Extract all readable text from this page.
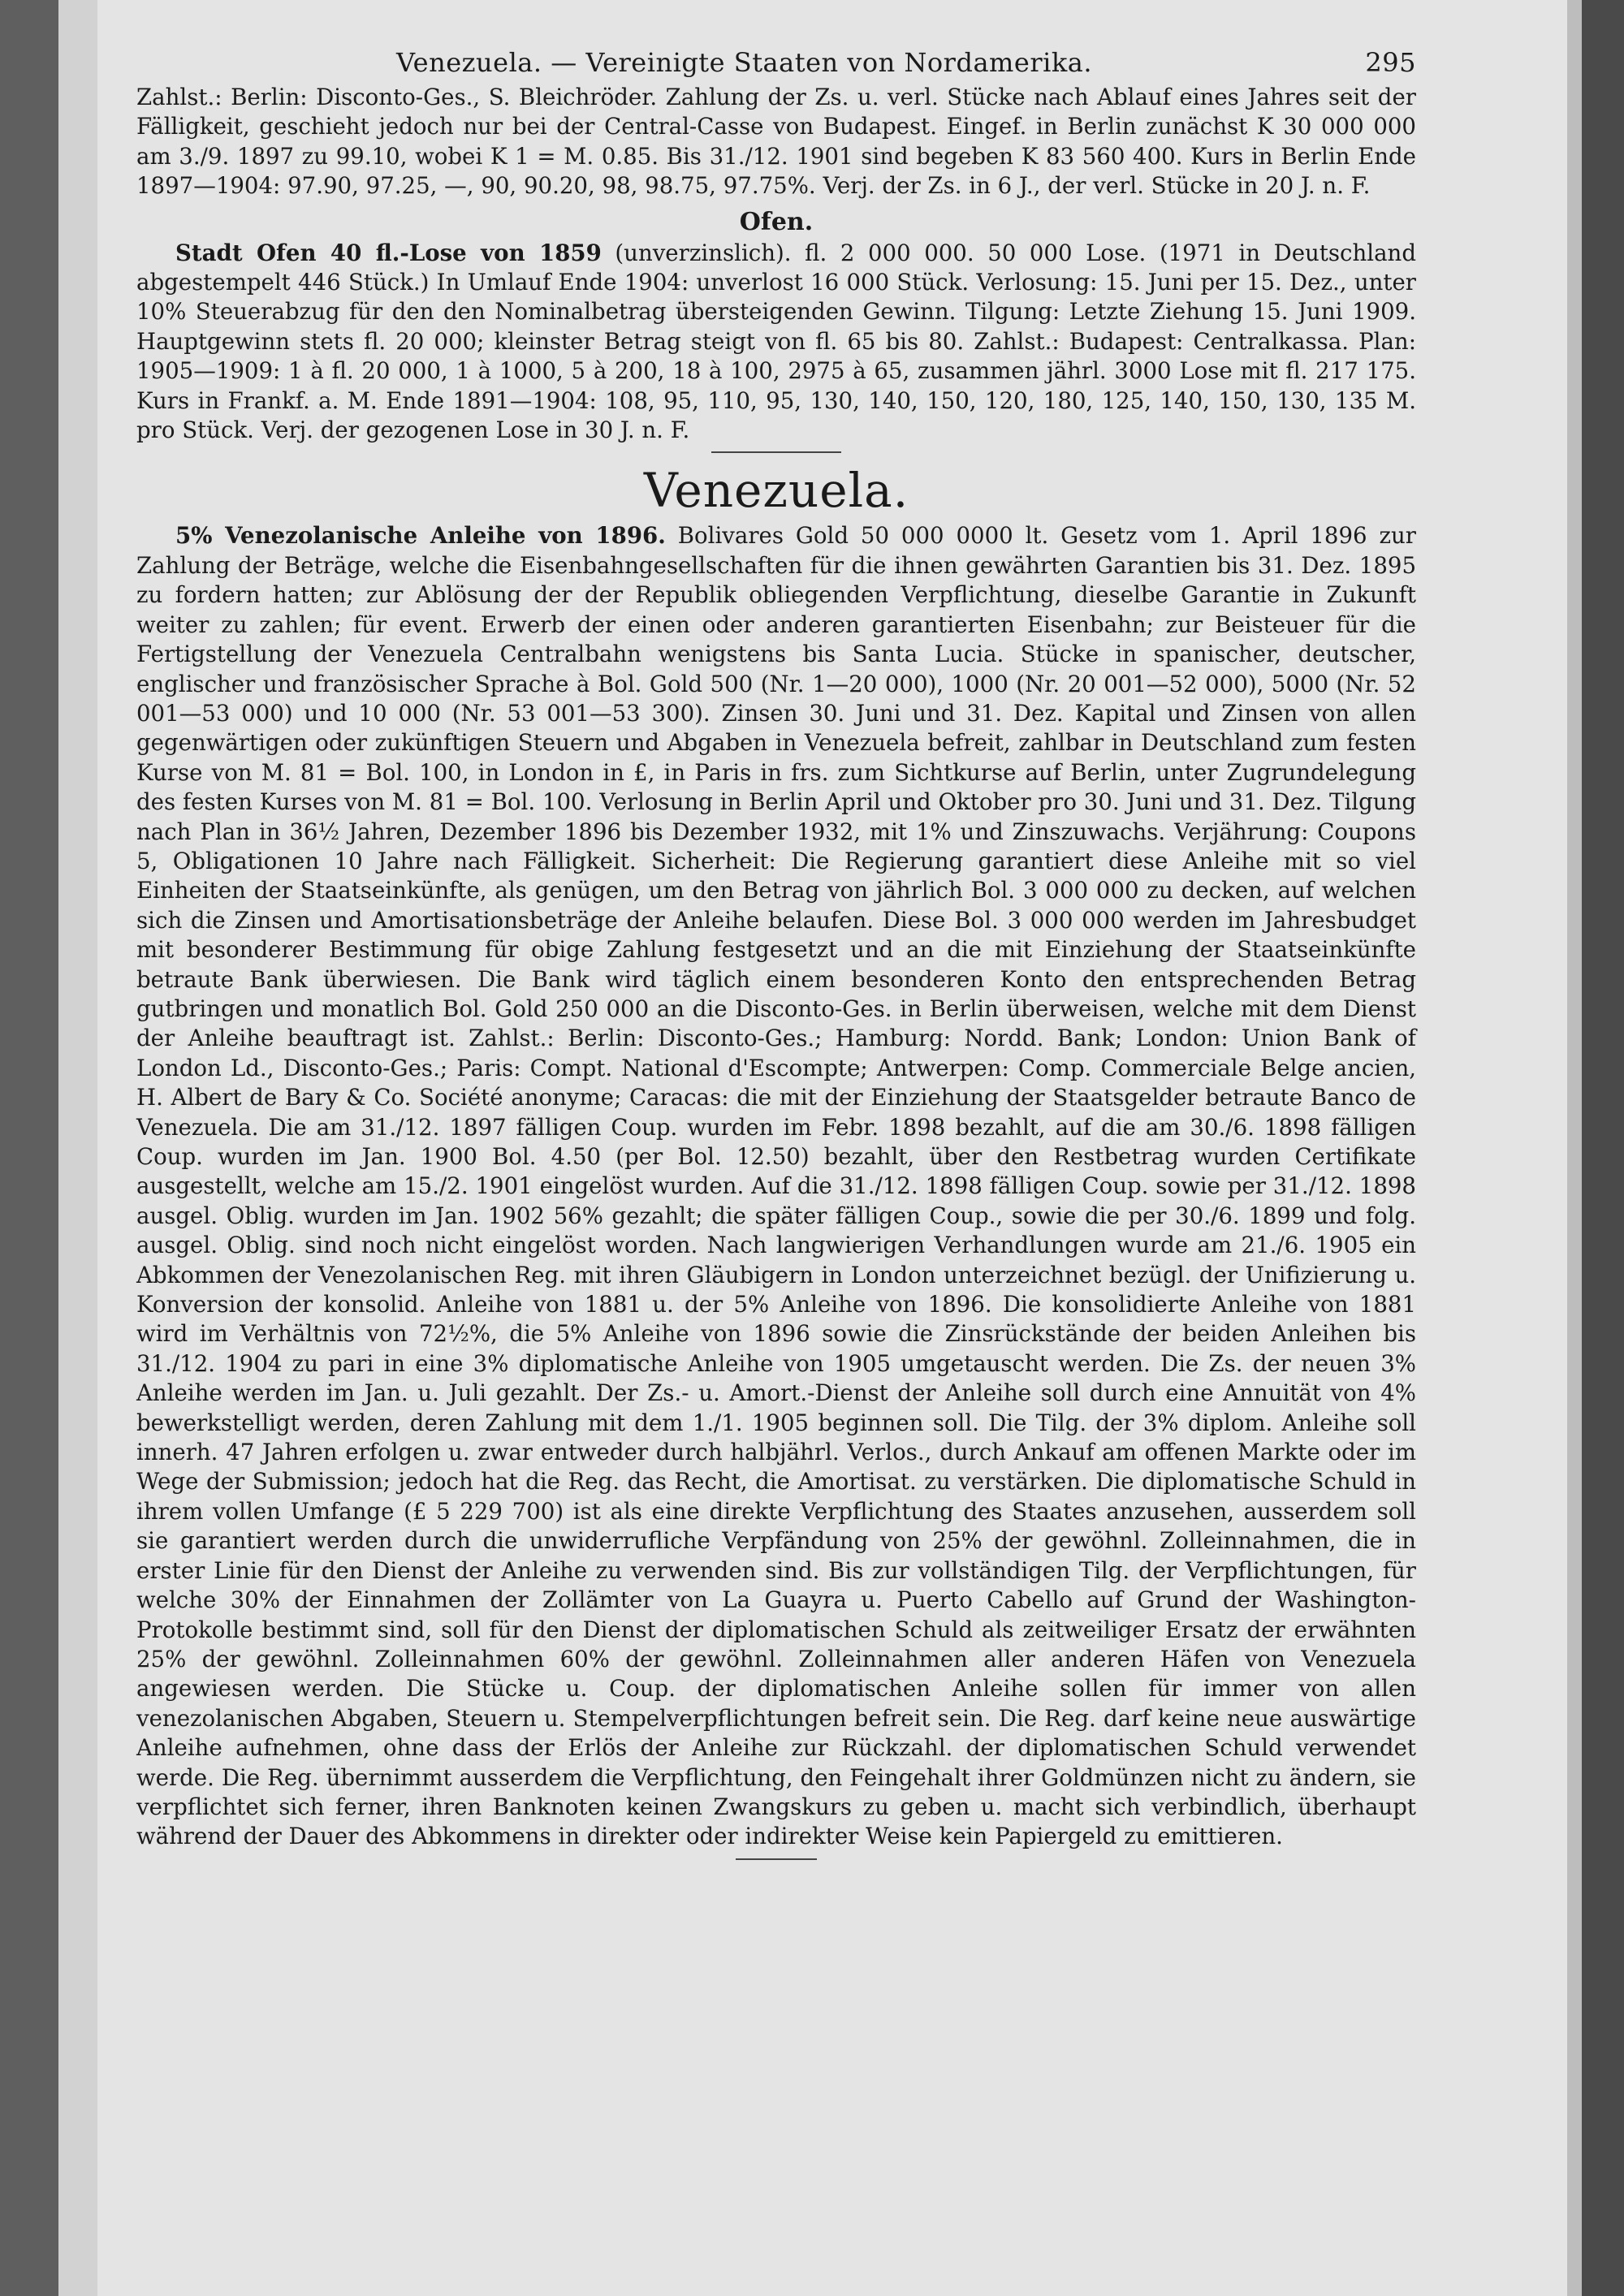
Venezuela. — Vereinigte Staaten von Nordamerika.	295

Zahlst.: Berlin: Disconto-Ges., S. Bleichröder. Zahlung der Zs. u. verl. Stücke nach Ablauf eines Jahres seit der Fälligkeit, geschieht jedoch nur bei der Central-Casse von Budapest. Eingef. in Berlin zunächst K 30 000 000 am 3./9. 1897 zu 99.10, wobei K 1 = M. 0.85. Bis 31./12. 1901 sind begeben K 83 560 400. Kurs in Berlin Ende 1897—1904: 97.90, 97.25, —, 90, 90.20, 98, 98.75, 97.75%. Verj. der Zs. in 6 J., der verl. Stücke in 20 J. n. F.

Ofen.

Stadt Ofen 40 fl.-Lose von 1859 (unverzinslich). fl. 2 000 000. 50 000 Lose. (1971 in Deutschland abgestempelt 446 Stück.) In Umlauf Ende 1904: unverlost 16 000 Stück. Verlosung: 15. Juni per 15. Dez., unter 10% Steuerabzug für den den Nominalbetrag übersteigenden Gewinn. Tilgung: Letzte Ziehung 15. Juni 1909. Hauptgewinn stets fl. 20 000; kleinster Betrag steigt von fl. 65 bis 80. Zahlst.: Budapest: Centralkassa. Plan: 1905—1909: 1 à fl. 20 000, 1 à 1000, 5 à 200, 18 à 100, 2975 à 65, zusammen jährl. 3000 Lose mit fl. 217 175. Kurs in Frankf. a. M. Ende 1891—1904: 108, 95, 110, 95, 130, 140, 150, 120, 180, 125, 140, 150, 130, 135 M. pro Stück. Verj. der gezogenen Lose in 30 J. n. F.

Venezuela.

5% Venezolanische Anleihe von 1896. Bolivares Gold 50 000 0000 lt. Gesetz vom 1. April 1896 zur Zahlung der Beträge, welche die Eisenbahngesellschaften für die ihnen gewährten Garantien bis 31. Dez. 1895 zu fordern hatten; zur Ablösung der der Republik obliegenden Verpflichtung, dieselbe Garantie in Zukunft weiter zu zahlen; für event. Erwerb der einen oder anderen garantierten Eisenbahn; zur Beisteuer für die Fertigstellung der Venezuela Centralbahn wenigstens bis Santa Lucia. Stücke in spanischer, deutscher, englischer und französischer Sprache à Bol. Gold 500 (Nr. 1—20 000), 1000 (Nr. 20 001—52 000), 5000 (Nr. 52 001—53 000) und 10 000 (Nr. 53 001—53 300). Zinsen 30. Juni und 31. Dez. Kapital und Zinsen von allen gegenwärtigen oder zukünftigen Steuern und Abgaben in Venezuela befreit, zahlbar in Deutschland zum festen Kurse von M. 81 = Bol. 100, in London in £, in Paris in frs. zum Sichtkurse auf Berlin, unter Zugrundelegung des festen Kurses von M. 81 = Bol. 100. Verlosung in Berlin April und Oktober pro 30. Juni und 31. Dez. Tilgung nach Plan in 36½ Jahren, Dezember 1896 bis Dezember 1932, mit 1% und Zinszuwachs. Verjährung: Coupons 5, Obligationen 10 Jahre nach Fälligkeit. Sicherheit: Die Regierung garantiert diese Anleihe mit so viel Einheiten der Staatseinkünfte, als genügen, um den Betrag von jährlich Bol. 3 000 000 zu decken, auf welchen sich die Zinsen und Amortisationsbeträge der Anleihe belaufen. Diese Bol. 3 000 000 werden im Jahresbudget mit besonderer Bestimmung für obige Zahlung festgesetzt und an die mit Einziehung der Staatseinkünfte betraute Bank überwiesen. Die Bank wird täglich einem besonderen Konto den entsprechenden Betrag gutbringen und monatlich Bol. Gold 250 000 an die Disconto-Ges. in Berlin überweisen, welche mit dem Dienst der Anleihe beauftragt ist. Zahlst.: Berlin: Disconto-Ges.; Hamburg: Nordd. Bank; London: Union Bank of London Ld., Disconto-Ges.; Paris: Compt. National d'Escompte; Antwerpen: Comp. Commerciale Belge ancien, H. Albert de Bary & Co. Société anonyme; Caracas: die mit der Einziehung der Staatsgelder betraute Banco de Venezuela. Die am 31./12. 1897 fälligen Coup. wurden im Febr. 1898 bezahlt, auf die am 30./6. 1898 fälligen Coup. wurden im Jan. 1900 Bol. 4.50 (per Bol. 12.50) bezahlt, über den Restbetrag wurden Certifikate ausgestellt, welche am 15./2. 1901 eingelöst wurden. Auf die 31./12. 1898 fälligen Coup. sowie per 31./12. 1898 ausgel. Oblig. wurden im Jan. 1902 56% gezahlt; die später fälligen Coup., sowie die per 30./6. 1899 und folg. ausgel. Oblig. sind noch nicht eingelöst worden. Nach langwierigen Verhandlungen wurde am 21./6. 1905 ein Abkommen der Venezolanischen Reg. mit ihren Gläubigern in London unterzeichnet bezügl. der Unifizierung u. Konversion der konsolid. Anleihe von 1881 u. der 5% Anleihe von 1896. Die konsolidierte Anleihe von 1881 wird im Verhältnis von 72½%, die 5% Anleihe von 1896 sowie die Zinsrückstände der beiden Anleihen bis 31./12. 1904 zu pari in eine 3% diplomatische Anleihe von 1905 umgetauscht werden. Die Zs. der neuen 3% Anleihe werden im Jan. u. Juli gezahlt. Der Zs.- u. Amort.-Dienst der Anleihe soll durch eine Annuität von 4% bewerkstelligt werden, deren Zahlung mit dem 1./1. 1905 beginnen soll. Die Tilg. der 3% diplom. Anleihe soll innerh. 47 Jahren erfolgen u. zwar entweder durch halbjährl. Verlos., durch Ankauf am offenen Markte oder im Wege der Submission; jedoch hat die Reg. das Recht, die Amortisat. zu verstärken. Die diplomatische Schuld in ihrem vollen Umfange (£ 5 229 700) ist als eine direkte Verpflichtung des Staates anzusehen, ausserdem soll sie garantiert werden durch die unwiderrufliche Verpfändung von 25% der gewöhnl. Zolleinnahmen, die in erster Linie für den Dienst der Anleihe zu verwenden sind. Bis zur vollständigen Tilg. der Verpflichtungen, für welche 30% der Einnahmen der Zollämter von La Guayra u. Puerto Cabello auf Grund der Washington-Protokolle bestimmt sind, soll für den Dienst der diplomatischen Schuld als zeitweiliger Ersatz der erwähnten 25% der gewöhnl. Zolleinnahmen 60% der gewöhnl. Zolleinnahmen aller anderen Häfen von Venezuela angewiesen werden. Die Stücke u. Coup. der diplomatischen Anleihe sollen für immer von allen venezolanischen Abgaben, Steuern u. Stempelverpflichtungen befreit sein. Die Reg. darf keine neue auswärtige Anleihe aufnehmen, ohne dass der Erlös der Anleihe zur Rückzahl. der diplomatischen Schuld verwendet werde. Die Reg. übernimmt ausserdem die Verpflichtung, den Feingehalt ihrer Goldmünzen nicht zu ändern, sie verpflichtet sich ferner, ihren Banknoten keinen Zwangskurs zu geben u. macht sich verbindlich, überhaupt während der Dauer des Abkommens in direkter oder indirekter Weise kein Papiergeld zu emittieren.
